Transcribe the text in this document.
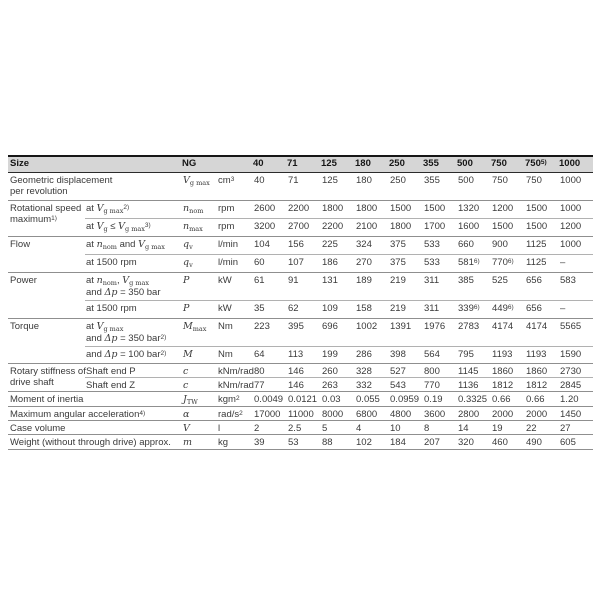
Size		NG		40	71	125	180	250	355	500	750	750$^{5)}$	1000
Geometric displacement
per revolution		$V_{g max}$	$cm^3$	40	71	125	180	250	355	500	750	750	1000
Rotational speed
maximum$^{1)}$	at $V_{g max}^{2)}$	$n_{nom}$	rpm	2600	2200	1800	1800	1500	1500	1320	1200	1500	1000
	at $V_g \le V_{g max}^{3)}$	$n_{max}$	rpm	3200	2700	2200	2100	1800	1700	1600	1500	1500	1200
Flow	at $n_{nom}$ and $V_{g max}$	$q_v$	l/min	104	156	225	324	375	533	660	900	1125	1000
	at 1500 rpm	$q_v$	l/min	60	107	186	270	375	533	581$^{6)}$	770$^{6)}$	1125	–
Power	at $n_{nom}$, $V_{g max}$
and Δp = 350 bar	P	kW	61	91	131	189	219	311	385	525	656	583
	at 1500 rpm	P	kW	35	62	109	158	219	311	339$^{6)}$	449$^{6)}$	656	–
Torque	at $V_{g max}$
and Δp = 350 bar$^{2)}$	$M_{max}$	Nm	223	395	696	1002	1391	1976	2783	4174	4174	5565
	and Δp = 100 bar$^{2)}$	M	Nm	64	113	199	286	398	564	795	1193	1193	1590
Rotary stiffness of
drive shaft	Shaft end P	c	kNm/rad	80	146	260	328	527	800	1145	1860	1860	2730
	Shaft end Z	c	kNm/rad	77	146	263	332	543	770	1136	1812	1812	2845
Moment of inertia		$J_{TW}$	kgm$^2$	0.0049	0.0121	0.03	0.055	0.0959	0.19	0.3325	0.66	0.66	1.20
Maximum angular acceleration$^{4)}$		α	rad/$s^2$	17000	11000	8000	6800	4800	3600	2800	2000	2000	1450
Case volume		V	l	2	2.5	5	4	10	8	14	19	22	27
Weight (without through drive) approx.		m	kg	39	53	88	102	184	207	320	460	490	605
